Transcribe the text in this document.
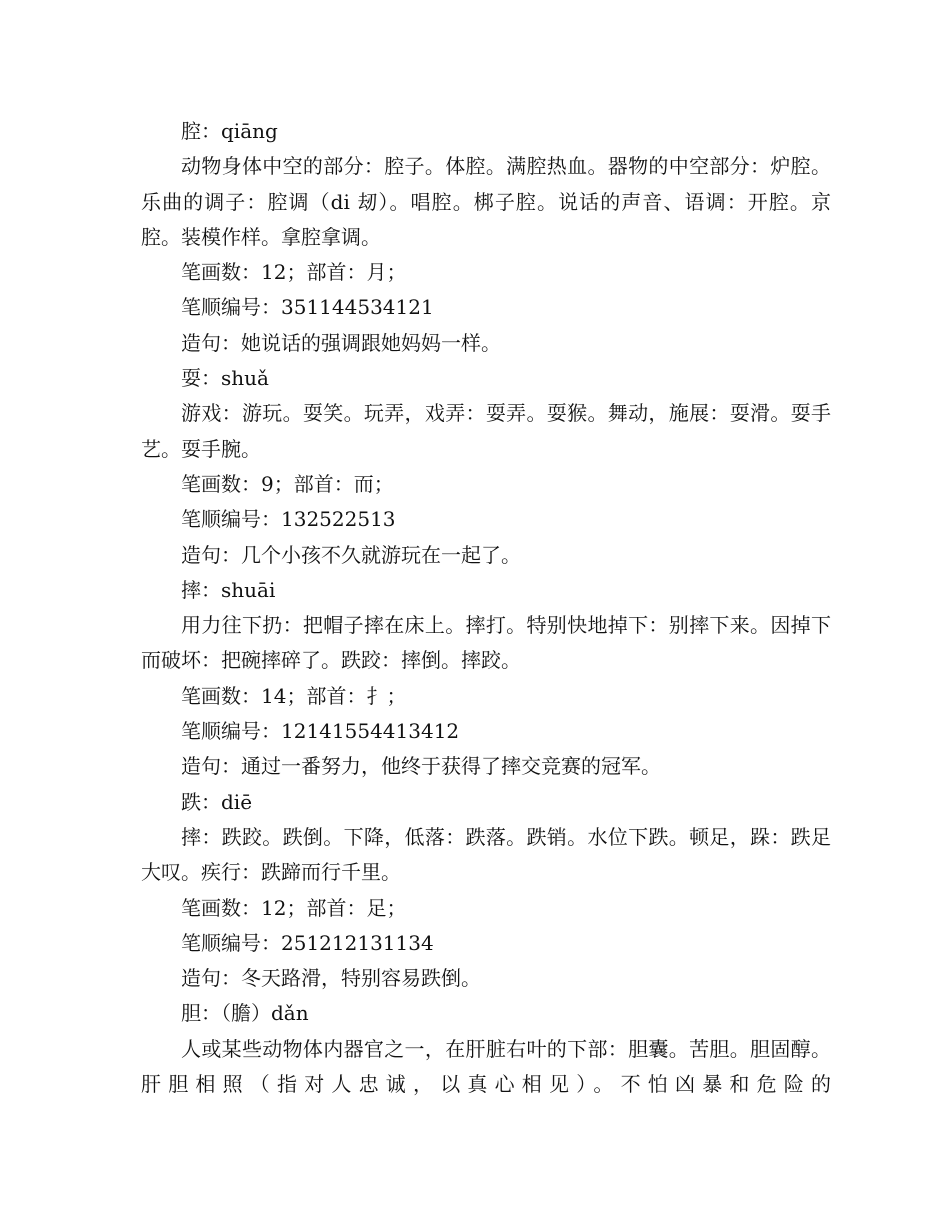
腔：qiāng

动物身体中空的部分：腔子。体腔。满腔热血。器物的中空部分：炉腔。乐曲的调子：腔调（di 刼）。唱腔。梆子腔。说话的声音、语调：开腔。京腔。装模作样。拿腔拿调。

笔画数：12；部首：月；

笔顺编号：351144534121

造句：她说话的强调跟她妈妈一样。

耍：shuǎ

游戏：游玩。耍笑。玩弄，戏弄：耍弄。耍猴。舞动，施展：耍滑。耍手艺。耍手腕。

笔画数：9；部首：而；

笔顺编号：132522513

造句：几个小孩不久就游玩在一起了。

摔：shuāi

用力往下扔：把帽子摔在床上。摔打。特别快地掉下：别摔下来。因掉下而破坏：把碗摔碎了。跌跤：摔倒。摔跤。

笔画数：14；部首：扌；

笔顺编号：12141554413412

造句：通过一番努力，他终于获得了摔交竞赛的冠军。

跌：diē

摔：跌跤。跌倒。下降，低落：跌落。跌销。水位下跌。顿足，跺：跌足大叹。疾行：跌蹄而行千里。

笔画数：12；部首：足；

笔顺编号：251212131134

造句：冬天路滑，特别容易跌倒。

胆：（膽）dǎn

人或某些动物体内器官之一，在肝脏右叶的下部：胆囊。苦胆。胆固醇。肝胆相照（指对人忠诚，以真心相见）。不怕凶暴和危险的
